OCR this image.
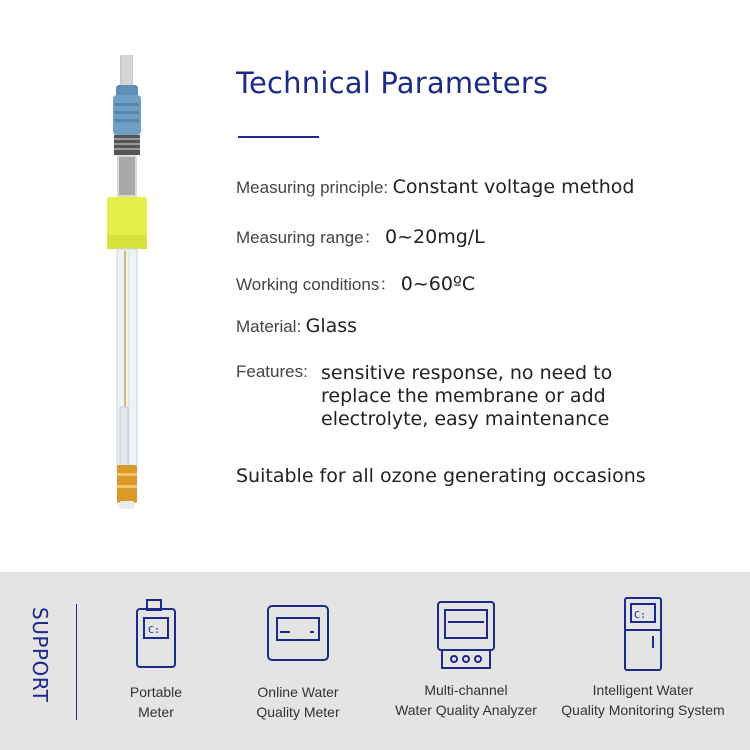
Technical Parameters
Measuring principle: Constant voltage method
Measuring range： 0~20mg/L
Working conditions： 0~60ºC
Material: Glass
Features: sensitive response, no need to
replace the membrane or add
electrolyte, easy maintenance
Suitable for all ozone generating occasions
SUPPORT	C:
Portable
Meter
Online Water
Quality Meter
Multi-channel
Water Quality Analyzer
C:
Intelligent Water
Quality Monitoring System
